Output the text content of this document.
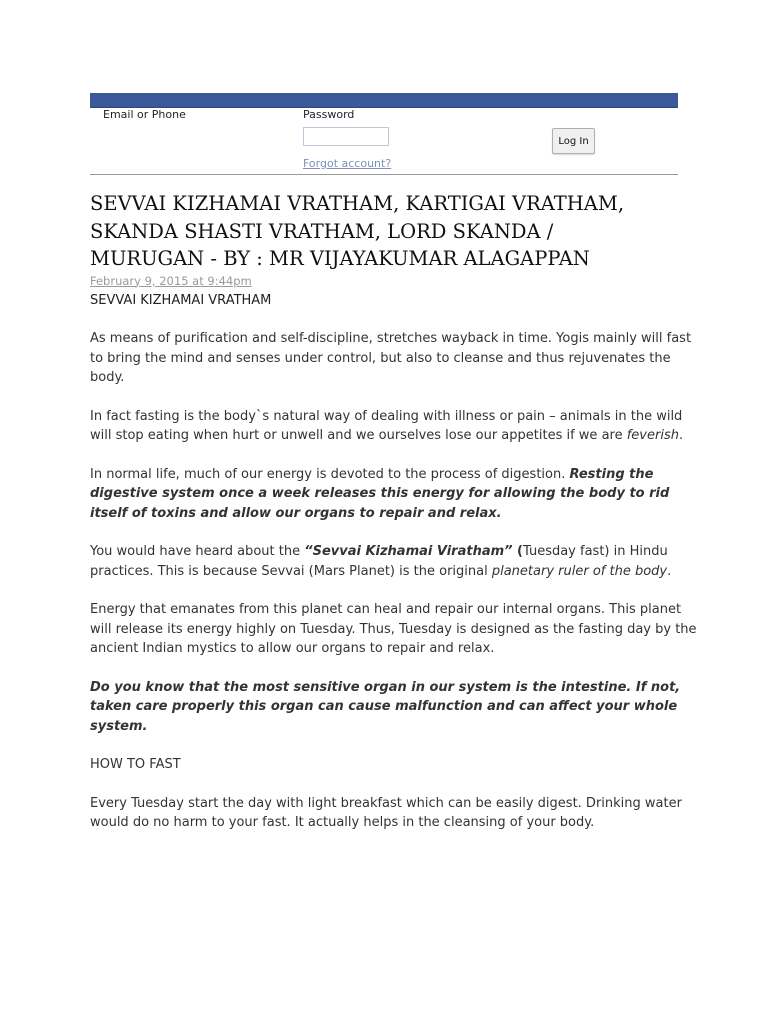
Email or Phone	Password
Forgot account?
Log In
SEVVAI KIZHAMAI VRATHAM, KARTIGAI VRATHAM, SKANDA SHASTI VRATHAM, LORD SKANDA / MURUGAN - BY : MR VIJAYAKUMAR ALAGAPPAN
February 9, 2015 at 9:44pm

SEVVAI KIZHAMAI VRATHAM

As means of purification and self-discipline, stretches wayback in time. Yogis mainly will fast to bring the mind and senses under control, but also to cleanse and thus rejuvenates the body.

In fact fasting is the body`s natural way of dealing with illness or pain – animals in the wild will stop eating when hurt or unwell and we ourselves lose our appetites if we are feverish.

In normal life, much of our energy is devoted to the process of digestion. Resting the digestive system once a week releases this energy for allowing the body to rid itself of toxins and allow our organs to repair and relax.

You would have heard about the “Sevvai Kizhamai Viratham” (Tuesday fast) in Hindu practices. This is because Sevvai (Mars Planet) is the original planetary ruler of the body.

Energy that emanates from this planet can heal and repair our internal organs. This planet will release its energy highly on Tuesday. Thus, Tuesday is designed as the fasting day by the ancient Indian mystics to allow our organs to repair and relax.

Do you know that the most sensitive organ in our system is the intestine. If not, taken care properly this organ can cause malfunction and can affect your whole system.

HOW TO FAST

Every Tuesday start the day with light breakfast which can be easily digest. Drinking water would do no harm to your fast. It actually helps in the cleansing of your body.
